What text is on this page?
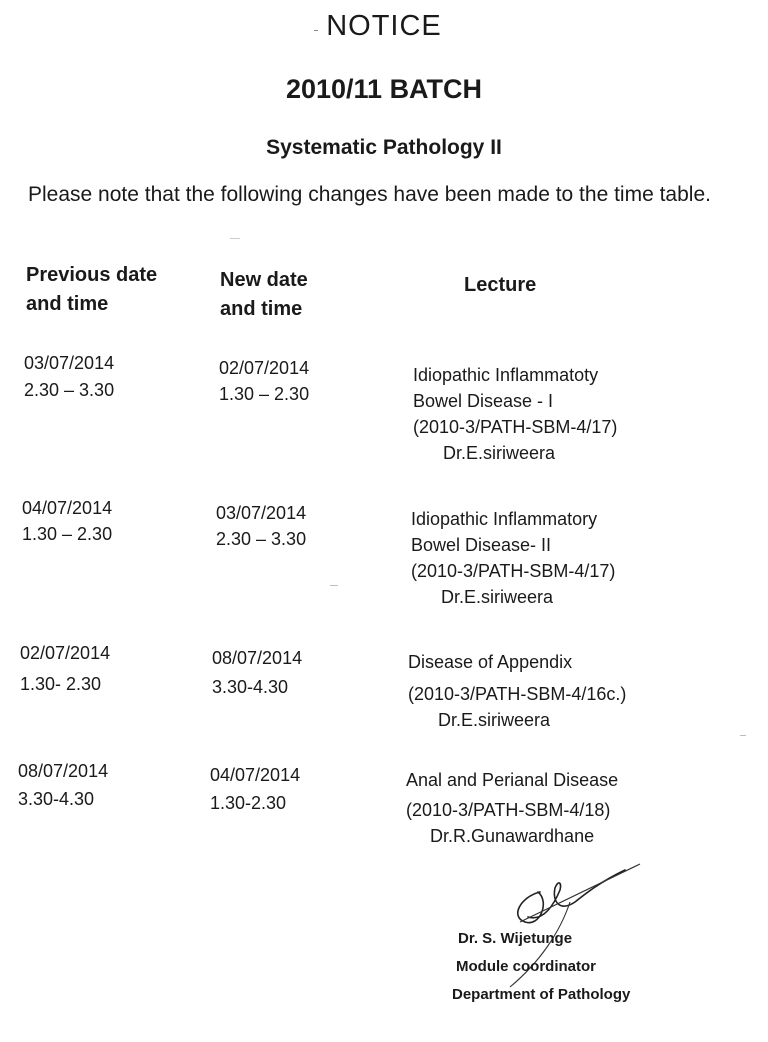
NOTICE
2010/11 BATCH
Systematic Pathology II
Please note that the following changes have been made to the time table.
Previous date and time
New date and time
Lecture
03/07/2014
2.30 – 3.30
02/07/2014
1.30 – 2.30
Idiopathic Inflammatoty
Bowel Disease - I
(2010-3/PATH-SBM-4/17)
Dr.E.siriweera
04/07/2014
1.30 – 2.30
03/07/2014
2.30 – 3.30
Idiopathic Inflammatory
Bowel Disease- II
(2010-3/PATH-SBM-4/17)
Dr.E.siriweera
02/07/2014
1.30- 2.30
08/07/2014
3.30-4.30
Disease of Appendix
(2010-3/PATH-SBM-4/16c.)
Dr.E.siriweera
08/07/2014
3.30-4.30
04/07/2014
1.30-2.30
Anal and Perianal Disease
(2010-3/PATH-SBM-4/18)
Dr.R.Gunawardhane
Dr. S. Wijetunge
Module coordinator
Department of Pathology
